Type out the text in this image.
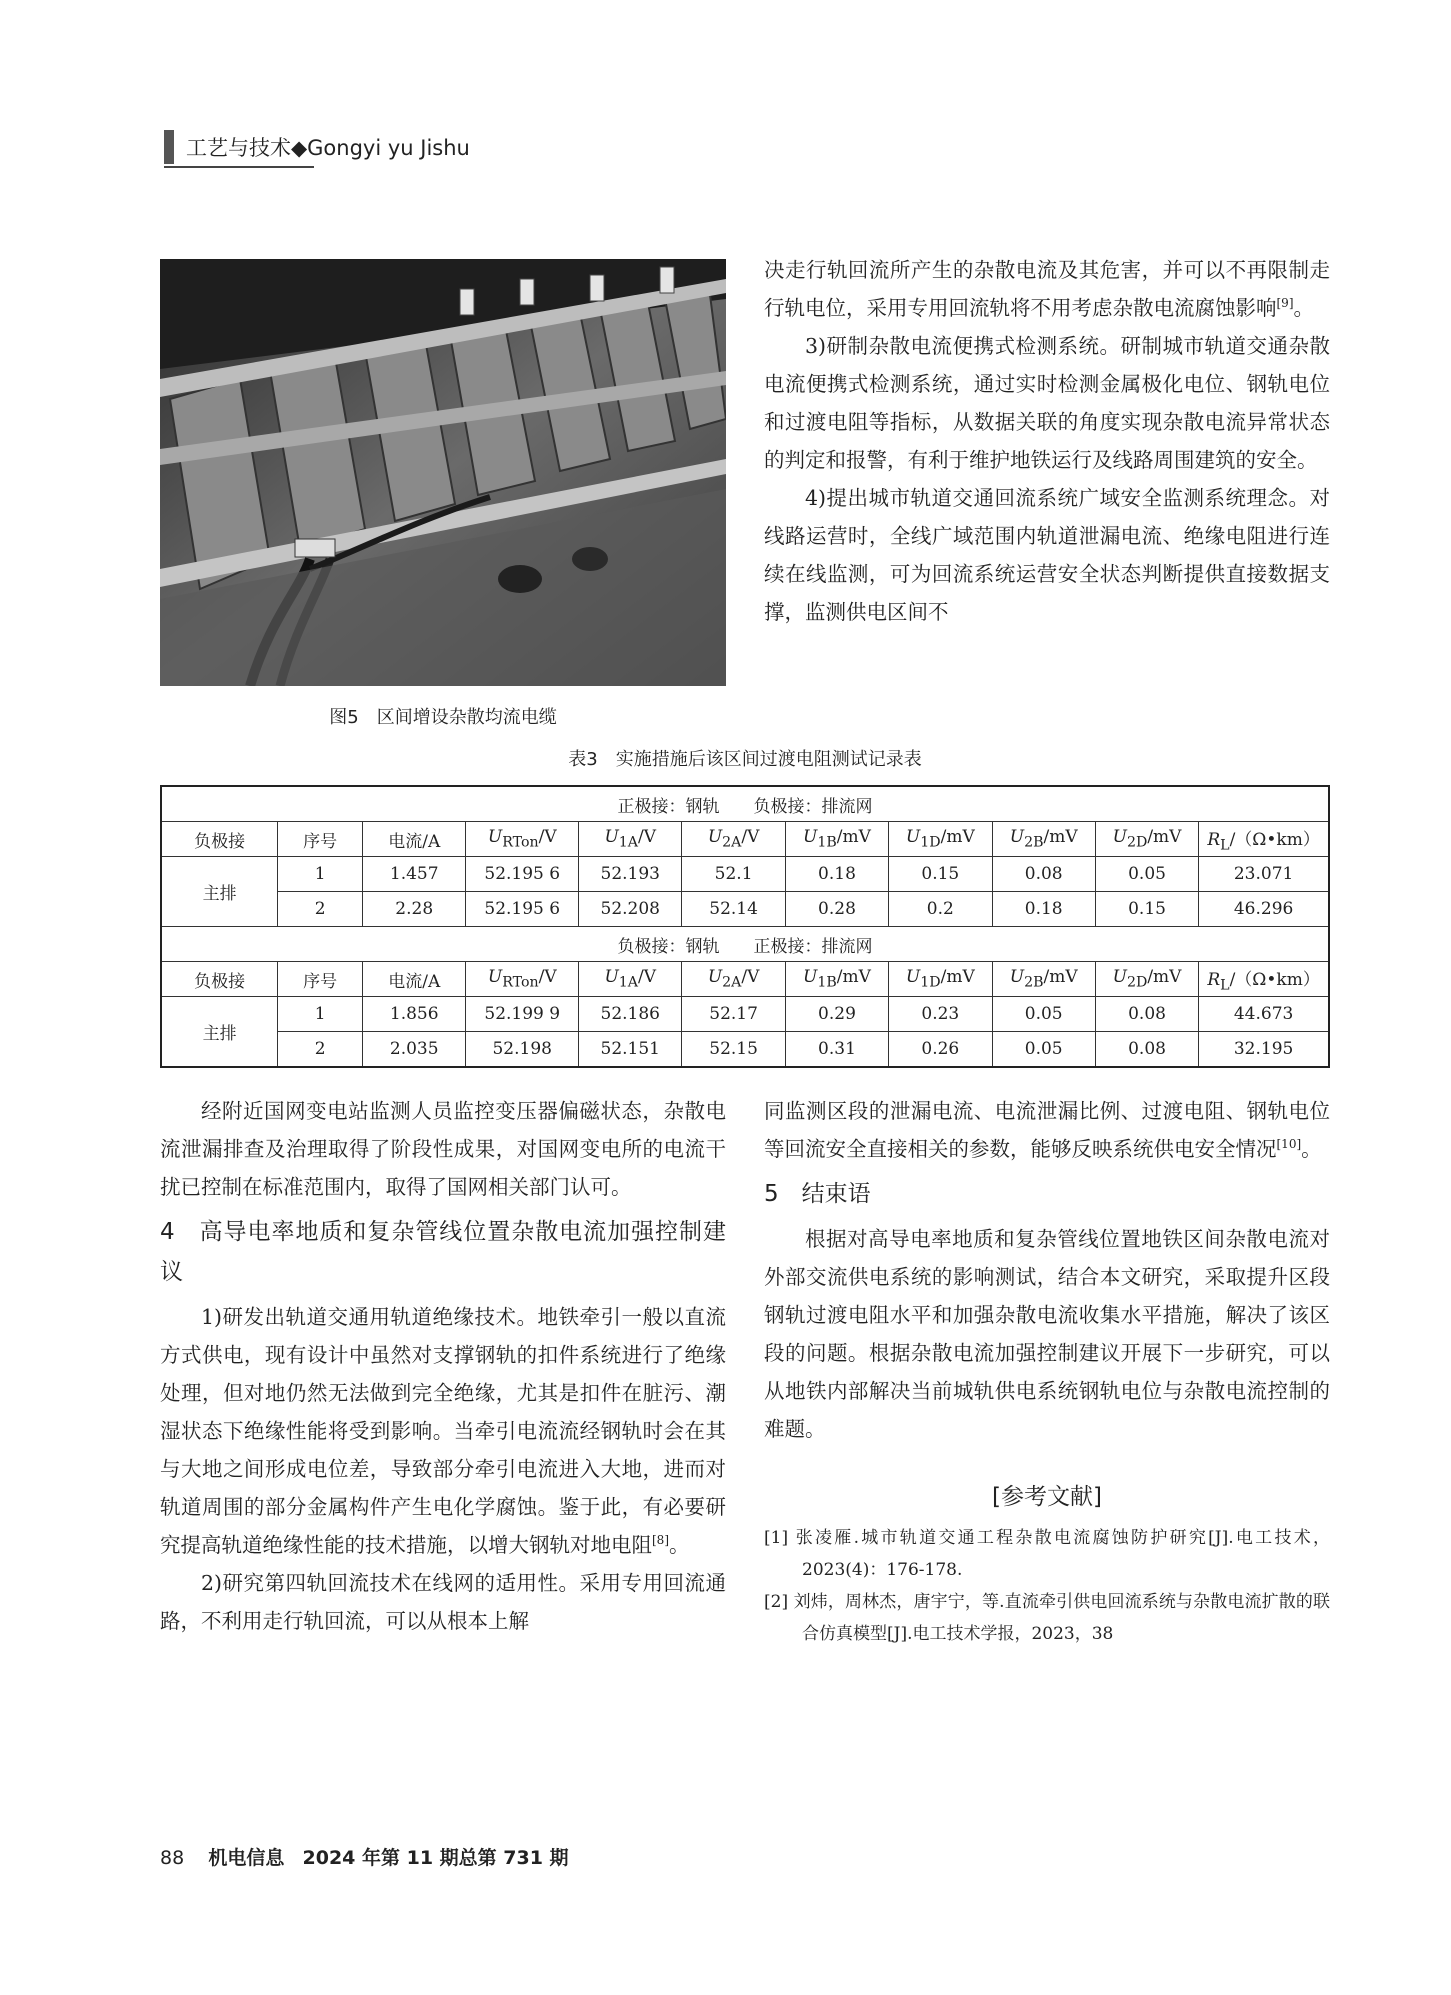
工艺与技术◆Gongyi yu Jishu
图5　区间增设杂散均流电缆

决走行轨回流所产生的杂散电流及其危害，并可以不再限制走行轨电位，采用专用回流轨将不用考虑杂散电流腐蚀影响[9]。

3)研制杂散电流便携式检测系统。研制城市轨道交通杂散电流便携式检测系统，通过实时检测金属极化电位、钢轨电位和过渡电阻等指标，从数据关联的角度实现杂散电流异常状态的判定和报警，有利于维护地铁运行及线路周围建筑的安全。

4)提出城市轨道交通回流系统广域安全监测系统理念。对线路运营时，全线广域范围内轨道泄漏电流、绝缘电阻进行连续在线监测，可为回流系统运营安全状态判断提供直接数据支撑，监测供电区间不

表3　实施措施后该区间过渡电阻测试记录表
正极接：钢轨　　负极接：排流网										
负极接	序号	电流/A	$U_{RTon}/V$	$U_{1A}/V$	$U_{2A}/V$	$U_{1B}/mV$	$U_{1D}/mV$	$U_{2B}/mV$	$U_{2D}/mV$	$R_L/(\Omega•km)$
主排	1	1.457	52.195 6	52.193	52.1	0.18	0.15	0.08	0.05	23.071
	2	2.28	52.195 6	52.208	52.14	0.28	0.2	0.18	0.15	46.296
负极接：钢轨　　正极接：排流网										
负极接	序号	电流/A	$U_{RTon}/V$	$U_{1A}/V$	$U_{2A}/V$	$U_{1B}/mV$	$U_{1D}/mV$	$U_{2B}/mV$	$U_{2D}/mV$	$R_L/(\Omega•km)$
主排	1	1.856	52.199 9	52.186	52.17	0.29	0.23	0.05	0.08	44.673
	2	2.035	52.198	52.151	52.15	0.31	0.26	0.05	0.08	32.195

经附近国网变电站监测人员监控变压器偏磁状态，杂散电流泄漏排查及治理取得了阶段性成果，对国网变电所的电流干扰已控制在标准范围内，取得了国网相关部门认可。

4　高导电率地质和复杂管线位置杂散电流加强控制建议

1)研发出轨道交通用轨道绝缘技术。地铁牵引一般以直流方式供电，现有设计中虽然对支撑钢轨的扣件系统进行了绝缘处理，但对地仍然无法做到完全绝缘，尤其是扣件在脏污、潮湿状态下绝缘性能将受到影响。当牵引电流流经钢轨时会在其与大地之间形成电位差，导致部分牵引电流进入大地，进而对轨道周围的部分金属构件产生电化学腐蚀。鉴于此，有必要研究提高轨道绝缘性能的技术措施，以增大钢轨对地电阻[8]。

2)研究第四轨回流技术在线网的适用性。采用专用回流通路，不利用走行轨回流，可以从根本上解

同监测区段的泄漏电流、电流泄漏比例、过渡电阻、钢轨电位等回流安全直接相关的参数，能够反映系统供电安全情况[10]。

5　结束语

根据对高导电率地质和复杂管线位置地铁区间杂散电流对外部交流供电系统的影响测试，结合本文研究，采取提升区段钢轨过渡电阻水平和加强杂散电流收集水平措施，解决了该区段的问题。根据杂散电流加强控制建议开展下一步研究，可以从地铁内部解决当前城轨供电系统钢轨电位与杂散电流控制的难题。

[参考文献]
[1] 张凌雁.城市轨道交通工程杂散电流腐蚀防护研究[J].电工技术，2023(4)：176-178.
[2] 刘炜，周林杰，唐宇宁，等.直流牵引供电回流系统与杂散电流扩散的联合仿真模型[J].电工技术学报，2023，38
88 机电信息 2024 年第 11 期总第 731 期
